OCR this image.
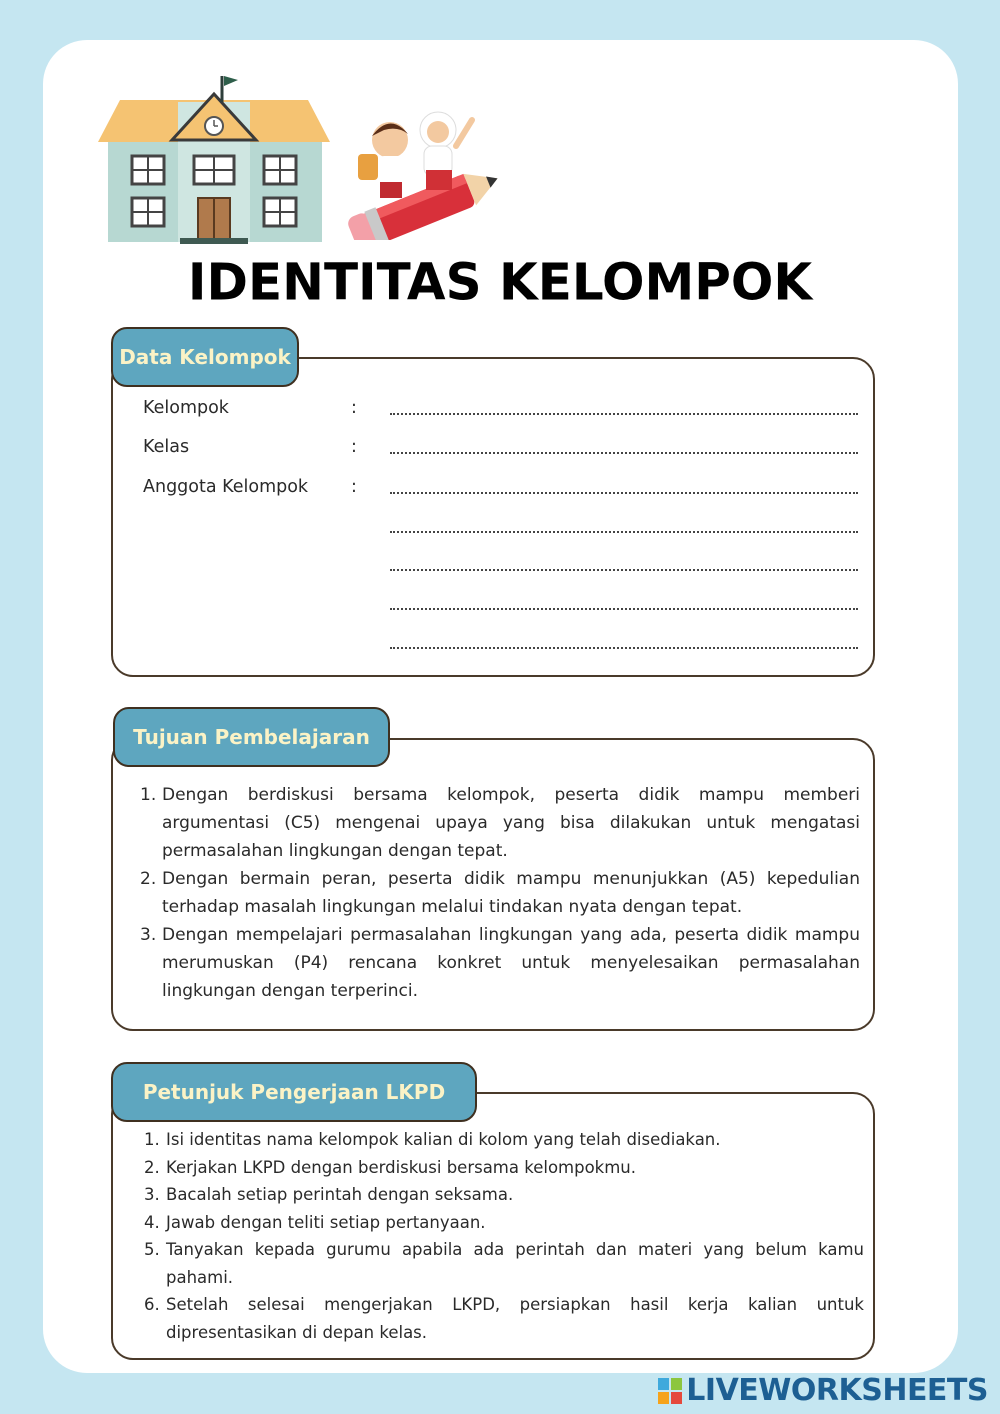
IDENTITAS KELOMPOK
Data Kelompok
Kelompok	:
Kelas	:
Anggota Kelompok :
Tujuan Pembelajaran
1. Dengan berdiskusi bersama kelompok, peserta didik mampu memberi argumentasi (C5) mengenai upaya yang bisa dilakukan untuk mengatasi permasalahan lingkungan dengan tepat.
2. Dengan bermain peran, peserta didik mampu menunjukkan (A5) kepedulian terhadap masalah lingkungan melalui tindakan nyata dengan tepat.
3. Dengan mempelajari permasalahan lingkungan yang ada, peserta didik mampu merumuskan (P4) rencana konkret untuk menyelesaikan permasalahan lingkungan dengan terperinci.
Petunjuk Pengerjaan LKPD
1. Isi identitas nama kelompok kalian di kolom yang telah disediakan.
2. Kerjakan LKPD dengan berdiskusi bersama kelompokmu.
3. Bacalah setiap perintah dengan seksama.
4. Jawab dengan teliti setiap pertanyaan.
5. Tanyakan kepada gurumu apabila ada perintah dan materi yang belum kamu pahami.
6. Setelah selesai mengerjakan LKPD, persiapkan hasil kerja kalian untuk dipresentasikan di depan kelas.
LIVEWORKSHEETS
